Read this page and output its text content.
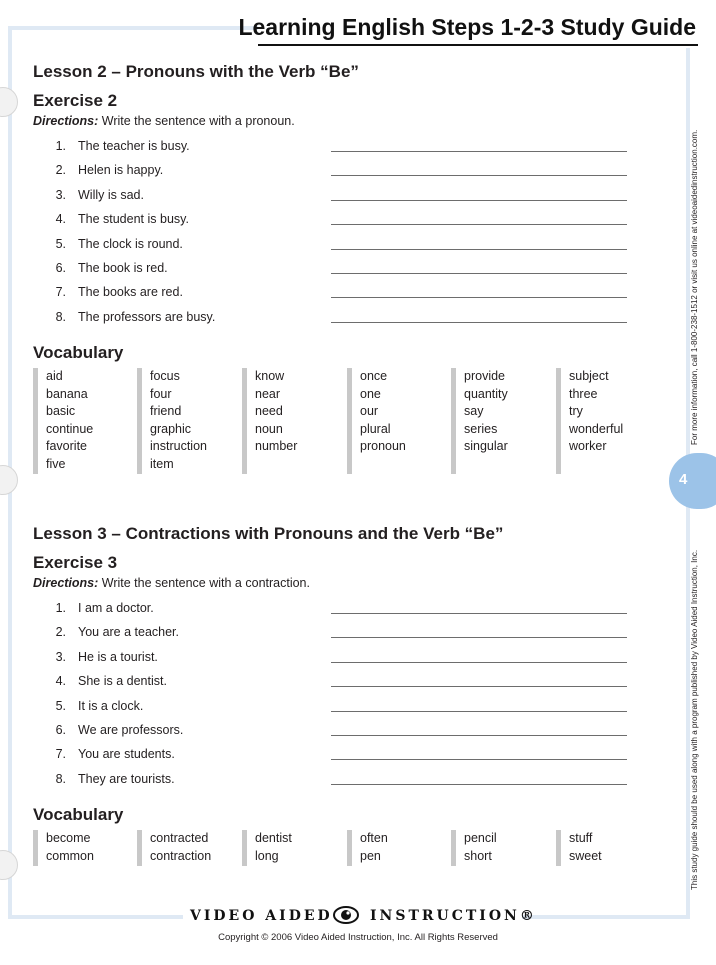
Learning English Steps 1-2-3 Study Guide
Lesson 2 – Pronouns with the Verb “Be”
Exercise 2
Directions: Write the sentence with a pronoun.
1. The teacher is busy.
2. Helen is happy.
3. Willy is sad.
4. The student is busy.
5. The clock is round.
6. The book is red.
7. The books are red.
8. The professors are busy.
Vocabulary
aid
banana
basic
continue
favorite
five
focus
four
friend
graphic
instruction
item
know
near
need
noun
number
once
one
our
plural
pronoun
provide
quantity
say
series
singular
subject
three
try
wonderful
worker
Lesson 3 – Contractions with Pronouns and the Verb “Be”
Exercise 3
Directions: Write the sentence with a contraction.
1. I am a doctor.
2. You are a teacher.
3. He is a tourist.
4. She is a dentist.
5. It is a clock.
6. We are professors.
7. You are students.
8. They are tourists.
Vocabulary
become
common
contracted
contraction
dentist
long
often
pen
pencil
short
stuff
sweet
4
This study guide should be used along with a program published by Video Aided Instruction, Inc.
For more information, call 1-800-238-1512 or visit us online at videoaidedinstruction.com.
VIDEO AIDED	INSTRUCTION®
Copyright © 2006 Video Aided Instruction, Inc. All Rights Reserved
